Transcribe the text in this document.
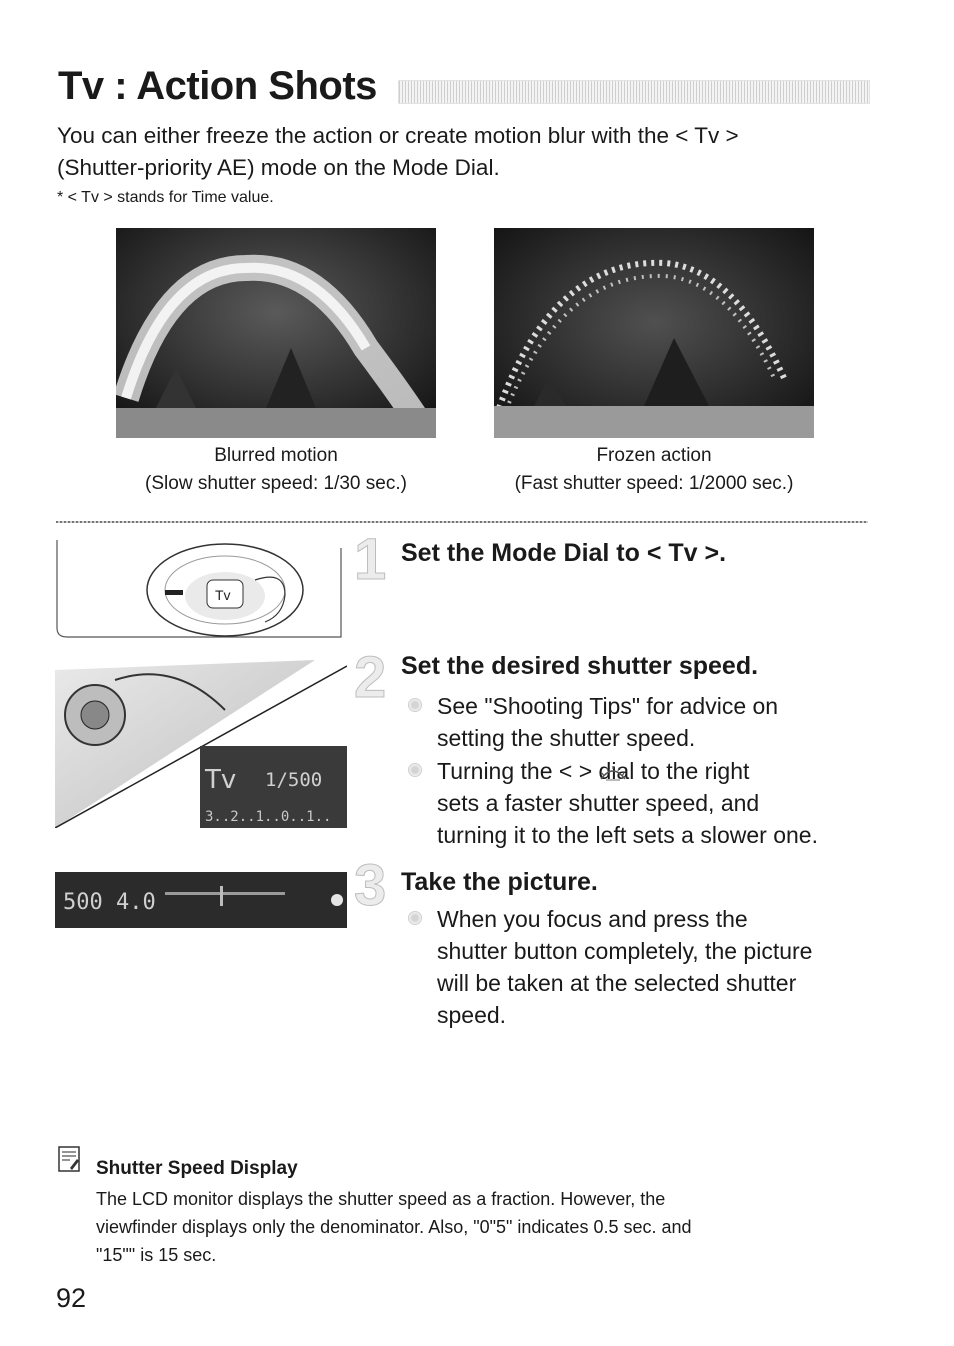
Tv : Action Shots
You can either freeze the action or create motion blur with the < Tv >
(Shutter-priority AE) mode on the Mode Dial.
* < Tv > stands for Time value.
Blurred motion
(Slow shutter speed: 1/30 sec.)
Frozen action
(Fast shutter speed: 1/2000 sec.)
Tv
Tv 1/500
3..2..1..0..1..
500 4.0
1 Set the Mode Dial to < Tv >.
2 Set the desired shutter speed.
See "Shooting Tips" for advice on
setting the shutter speed.
Turning the < > dial to the right
sets a faster shutter speed, and
turning it to the left sets a slower one.
3 Take the picture.
When you focus and press the
shutter button completely, the picture
will be taken at the selected shutter
speed.
Shutter Speed Display
The LCD monitor displays the shutter speed as a fraction. However, the
viewfinder displays only the denominator. Also, "0"5" indicates 0.5 sec. and
"15"" is 15 sec.
92
